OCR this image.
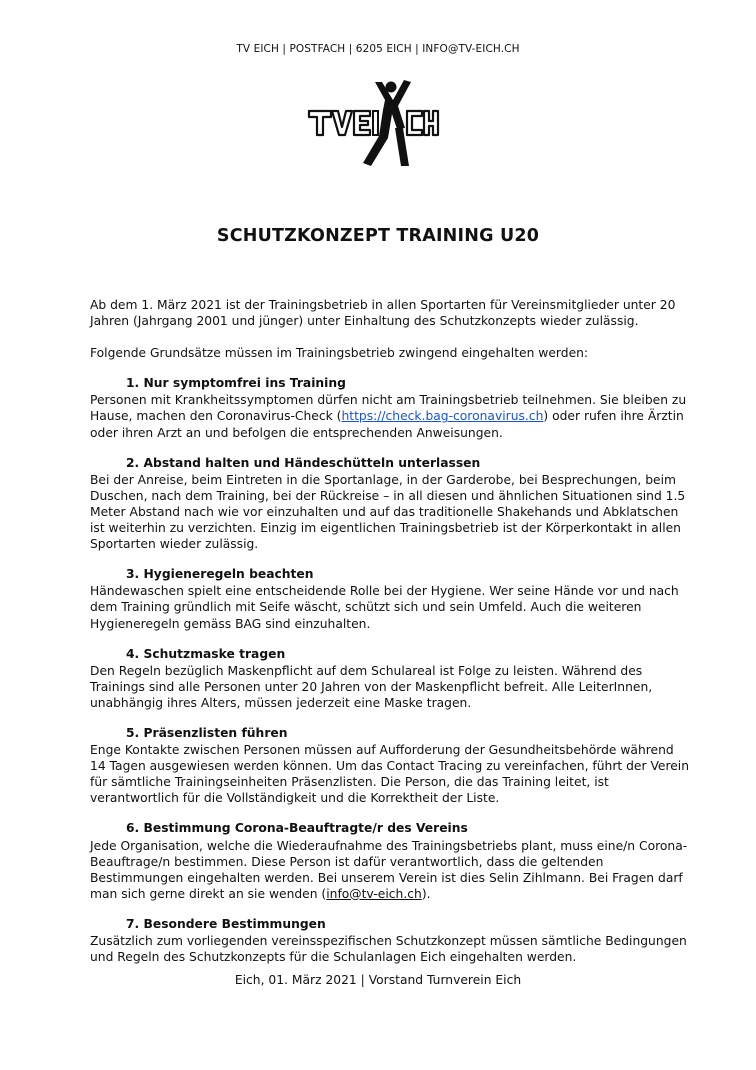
TV EICH | POSTFACH | 6205 EICH | INFO@TV-EICH.CH
SCHUTZKONZEPT TRAINING U20

Ab dem 1. März 2021 ist der Trainingsbetrieb in allen Sportarten für Vereinsmitglieder unter 20 Jahren (Jahrgang 2001 und jünger) unter Einhaltung des Schutzkonzepts wieder zulässig.

Folgende Grundsätze müssen im Trainingsbetrieb zwingend eingehalten werden:

1. Nur symptomfrei ins Training

Personen mit Krankheitssymptomen dürfen nicht am Trainingsbetrieb teilnehmen. Sie bleiben zu Hause, machen den Coronavirus-Check (https://check.bag-coronavirus.ch) oder rufen ihre Ärztin oder ihren Arzt an und befolgen die entsprechenden Anweisungen.

2. Abstand halten und Händeschütteln unterlassen

Bei der Anreise, beim Eintreten in die Sportanlage, in der Garderobe, bei Besprechungen, beim Duschen, nach dem Training, bei der Rückreise – in all diesen und ähnlichen Situationen sind 1.5 Meter Abstand nach wie vor einzuhalten und auf das traditionelle Shakehands und Abklatschen ist weiterhin zu verzichten. Einzig im eigentlichen Trainingsbetrieb ist der Körperkontakt in allen Sportarten wieder zulässig.

3. Hygieneregeln beachten

Händewaschen spielt eine entscheidende Rolle bei der Hygiene. Wer seine Hände vor und nach dem Training gründlich mit Seife wäscht, schützt sich und sein Umfeld. Auch die weiteren Hygieneregeln gemäss BAG sind einzuhalten.

4. Schutzmaske tragen

Den Regeln bezüglich Maskenpflicht auf dem Schulareal ist Folge zu leisten. Während des Trainings sind alle Personen unter 20 Jahren von der Maskenpflicht befreit. Alle LeiterInnen, unabhängig ihres Alters, müssen jederzeit eine Maske tragen.

5. Präsenzlisten führen

Enge Kontakte zwischen Personen müssen auf Aufforderung der Gesundheitsbehörde während 14 Tagen ausgewiesen werden können. Um das Contact Tracing zu vereinfachen, führt der Verein für sämtliche Trainingseinheiten Präsenzlisten. Die Person, die das Training leitet, ist verantwortlich für die Vollständigkeit und die Korrektheit der Liste.

6. Bestimmung Corona-Beauftragte/r des Vereins

Jede Organisation, welche die Wiederaufnahme des Trainingsbetriebs plant, muss eine/n Corona-Beauftrage/n bestimmen. Diese Person ist dafür verantwortlich, dass die geltenden Bestimmungen eingehalten werden. Bei unserem Verein ist dies Selin Zihlmann. Bei Fragen darf man sich gerne direkt an sie wenden (info@tv-eich.ch).

7. Besondere Bestimmungen

Zusätzlich zum vorliegenden vereinsspezifischen Schutzkonzept müssen sämtliche Bedingungen und Regeln des Schutzkonzepts für die Schulanlagen Eich eingehalten werden.

Eich, 01. März 2021 | Vorstand Turnverein Eich
